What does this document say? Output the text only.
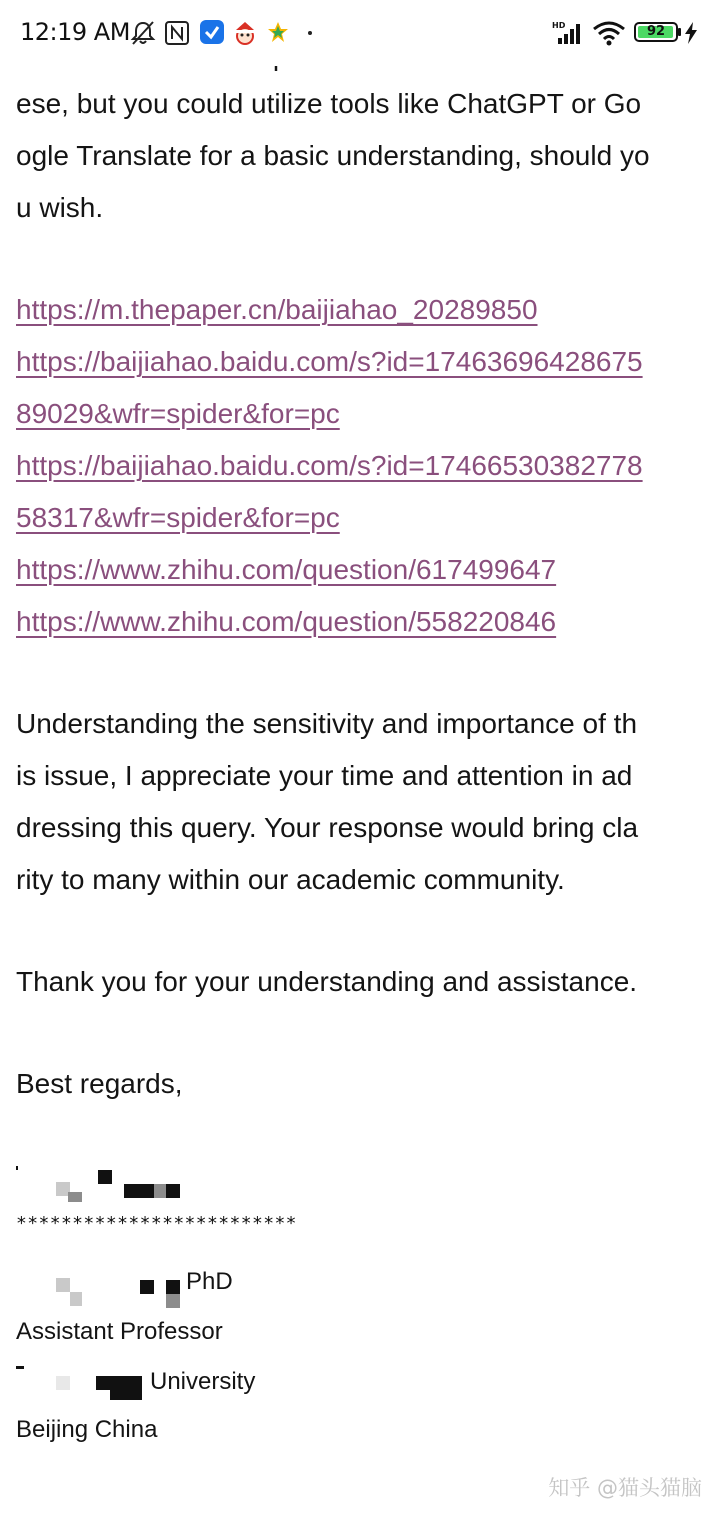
12:19 AM	HD	92
ese, but you could utilize tools like ChatGPT or Go
ogle Translate for a basic understanding, should yo
u wish.
https://m.thepaper.cn/baijiahao_20289850
https://baijiahao.baidu.com/s?id=17463696428675
89029&wfr=spider&for=pc
https://baijiahao.baidu.com/s?id=17466530382778
58317&wfr=spider&for=pc
https://www.zhihu.com/question/617499647
https://www.zhihu.com/question/558220846
Understanding the sensitivity and importance of th
is issue, I appreciate your time and attention in ad
dressing this query. Your response would bring cla
rity to many within our academic community.
Thank you for your understanding and assistance.
Best regards,
*************************
PhD
Assistant Professor
University
Beijing China
知乎 @猫头猫脑
